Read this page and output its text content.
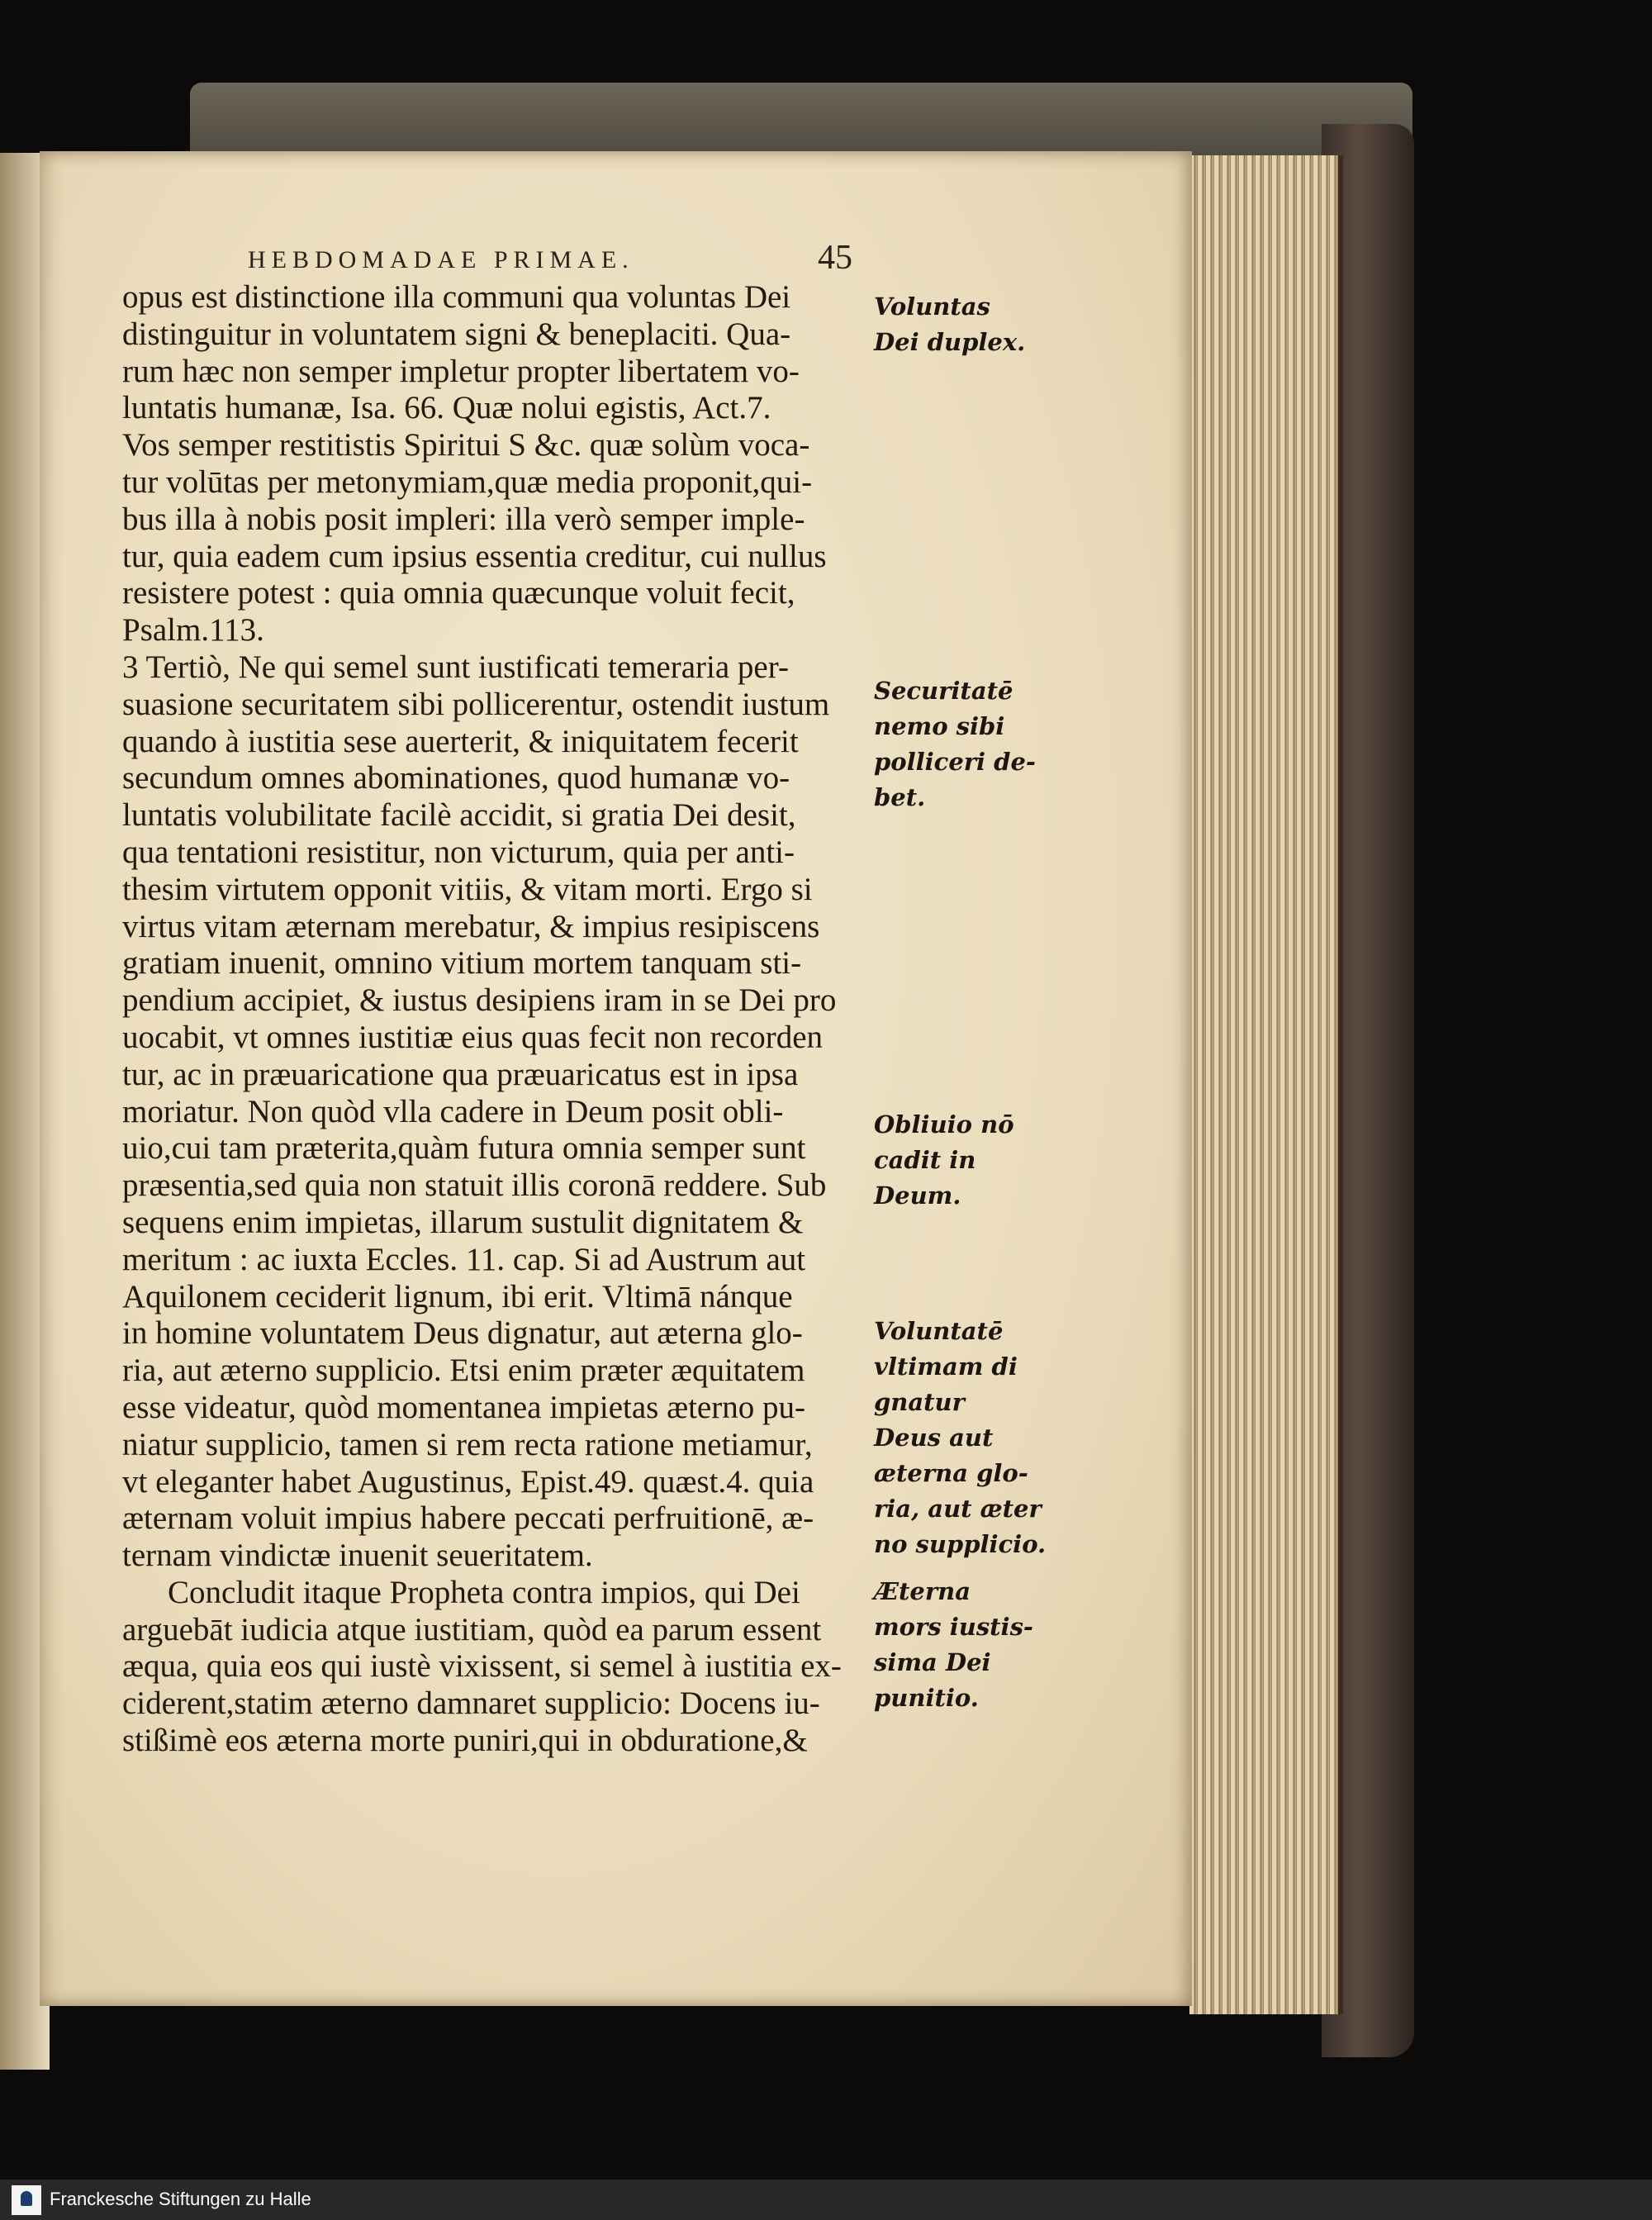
HEBDOMADAE PRIMAE.	45
opus est distinctione illa communi qua voluntas Dei
distinguitur in voluntatem signi & beneplaciti. Qua-
rum hæc non semper impletur propter libertatem vo-
luntatis humanæ, Isa. 66. Quæ nolui egistis, Act.7.
Vos semper restitistis Spiritui S &c. quæ solùm voca-
tur volūtas per metonymiam,quæ media proponit,qui-
bus illa à nobis posit impleri: illa verò semper imple-
tur, quia eadem cum ipsius essentia creditur, cui nullus
resistere potest : quia omnia quæcunque voluit fecit,
Psalm.113.
3 Tertiò, Ne qui semel sunt iustificati temeraria per-
suasione securitatem sibi pollicerentur, ostendit iustum
quando à iustitia sese auerterit, & iniquitatem fecerit
secundum omnes abominationes, quod humanæ vo-
luntatis volubilitate facilè accidit, si gratia Dei desit,
qua tentationi resistitur, non victurum, quia per anti-
thesim virtutem opponit vitiis, & vitam morti. Ergo si
virtus vitam æternam merebatur, & impius resipiscens
gratiam inuenit, omnino vitium mortem tanquam sti-
pendium accipiet, & iustus desipiens iram in se Dei pro
uocabit, vt omnes iustitiæ eius quas fecit non recorden
tur, ac in præuaricatione qua præuaricatus est in ipsa
moriatur. Non quòd vlla cadere in Deum posit obli-
uio,cui tam præterita,quàm futura omnia semper sunt
præsentia,sed quia non statuit illis coronā reddere. Sub
sequens enim impietas, illarum sustulit dignitatem &
meritum : ac iuxta Eccles. 11. cap. Si ad Austrum aut
Aquilonem ceciderit lignum, ibi erit. Vltimā nánque
in homine voluntatem Deus dignatur, aut æterna glo-
ria, aut æterno supplicio. Etsi enim præter æquitatem
esse videatur, quòd momentanea impietas æterno pu-
niatur supplicio, tamen si rem recta ratione metiamur,
vt eleganter habet Augustinus, Epist.49. quæst.4. quia
æternam voluit impius habere peccati perfruitionē, æ-
ternam vindictæ inuenit seueritatem.
Concludit itaque Propheta contra impios, qui Dei
arguebāt iudicia atque iustitiam, quòd ea parum essent
æqua, quia eos qui iustè vixissent, si semel à iustitia ex-
ciderent,statim æterno damnaret supplicio: Docens iu-
stißimè eos æterna morte puniri,qui in obduratione,&
Voluntas
Dei duplex.
Securitatē
nemo sibi
polliceri de-
bet.
Obliuio nō
cadit in
Deum.
Voluntatē
vltimam di
gnatur
Deus aut
æterna glo-
ria, aut æter
no supplicio.
Æterna
mors iustis-
sima Dei
punitio.
Franckesche Stiftungen zu Halle
